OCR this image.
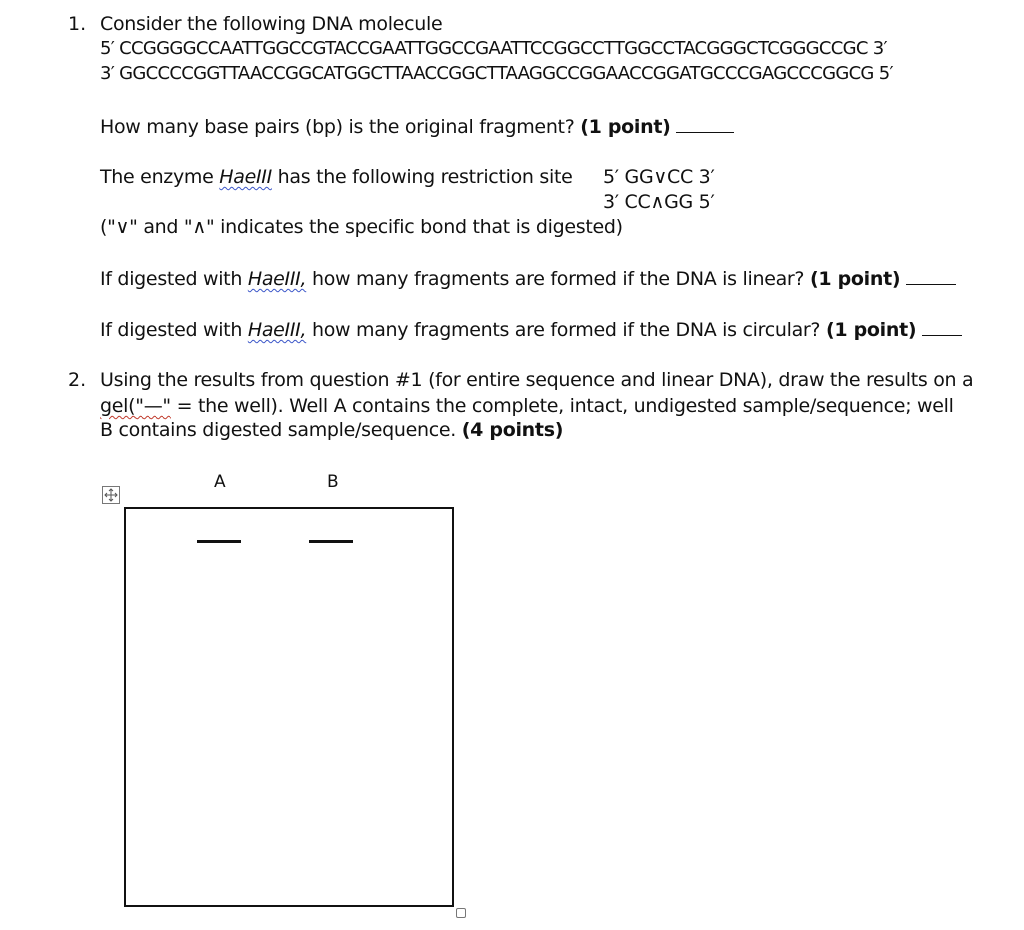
1. Consider the following DNA molecule
5′ CCGGGGCCAATTGGCCGTACCGAATTGGCCGAATTCCGGCCTTGGCCTACGGGCTCGGGCCGC 3′
3′ GGCCCCGGTTAACCGGCATGGCTTAACCGGCTTAAGGCCGGAACCGGATGCCCGAGCCCGGCG 5′
How many base pairs (bp) is the original fragment? (1 point)
The enzyme HaeIII has the following restriction site 5′ GG∨CC 3′
3′ CC∧GG 5′
("∨" and "∧" indicates the specific bond that is digested)
If digested with HaeIII, how many fragments are formed if the DNA is linear? (1 point)
If digested with HaeIII, how many fragments are formed if the DNA is circular? (1 point)
2. Using the results from question #1 (for entire sequence and linear DNA), draw the results on a
gel("—" = the well). Well A contains the complete, intact, undigested sample/sequence; well
B contains digested sample/sequence. (4 points)
A	B
